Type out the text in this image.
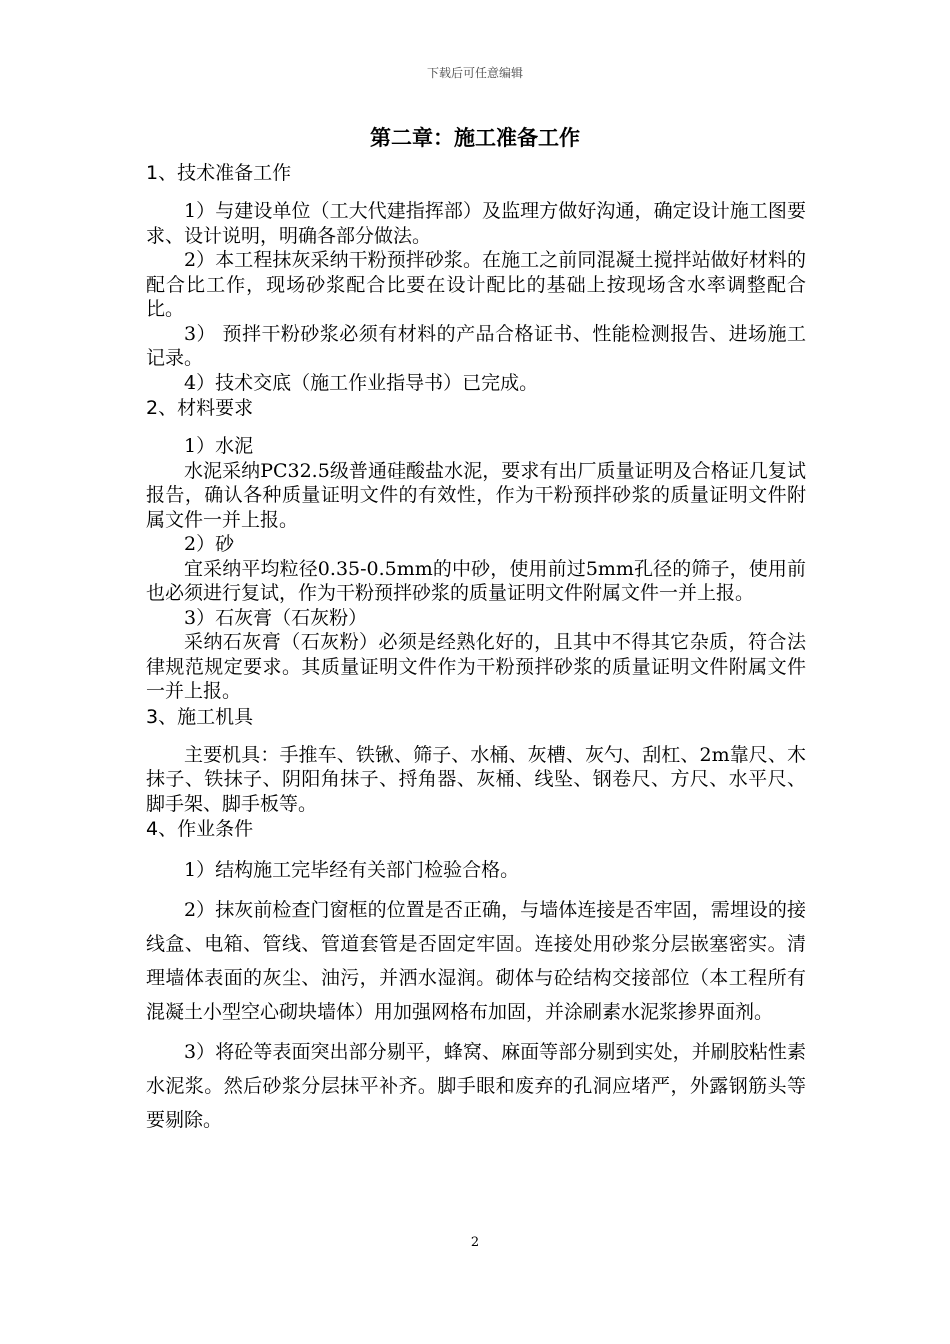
下载后可任意编辑
第二章：施工准备工作
1、技术准备工作

1）与建设单位（工大代建指挥部）及监理方做好沟通，确定设计施工图要求、设计说明，明确各部分做法。

2）本工程抹灰采纳干粉预拌砂浆。在施工之前同混凝土搅拌站做好材料的配合比工作，现场砂浆配合比要在设计配比的基础上按现场含水率调整配合比。

3） 预拌干粉砂浆必须有材料的产品合格证书、性能检测报告、进场施工记录。

4）技术交底（施工作业指导书）已完成。

2、材料要求

1）水泥

水泥采纳PC32.5级普通硅酸盐水泥，要求有出厂质量证明及合格证几复试报告，确认各种质量证明文件的有效性，作为干粉预拌砂浆的质量证明文件附属文件一并上报。

2）砂

宜采纳平均粒径0.35-0.5mm的中砂，使用前过5mm孔径的筛子，使用前也必须进行复试，作为干粉预拌砂浆的质量证明文件附属文件一并上报。

3）石灰膏（石灰粉）

采纳石灰膏（石灰粉）必须是经熟化好的，且其中不得其它杂质，符合法律规范规定要求。其质量证明文件作为干粉预拌砂浆的质量证明文件附属文件一并上报。

3、施工机具

主要机具：手推车、铁锹、筛子、水桶、灰槽、灰勺、刮杠、2m靠尺、木抹子、铁抹子、阴阳角抹子、捋角器、灰桶、线坠、钢卷尺、方尺、水平尺、脚手架、脚手板等。

4、作业条件

1）结构施工完毕经有关部门检验合格。

2）抹灰前检查门窗框的位置是否正确，与墙体连接是否牢固，需埋设的接线盒、电箱、管线、管道套管是否固定牢固。连接处用砂浆分层嵌塞密实。清理墙体表面的灰尘、油污，并洒水湿润。砌体与砼结构交接部位（本工程所有混凝土小型空心砌块墙体）用加强网格布加固，并涂刷素水泥浆掺界面剂。

3）将砼等表面突出部分剔平，蜂窝、麻面等部分剔到实处，并刷胶粘性素水泥浆。然后砂浆分层抹平补齐。脚手眼和废弃的孔洞应堵严，外露钢筋头等要剔除。

2
